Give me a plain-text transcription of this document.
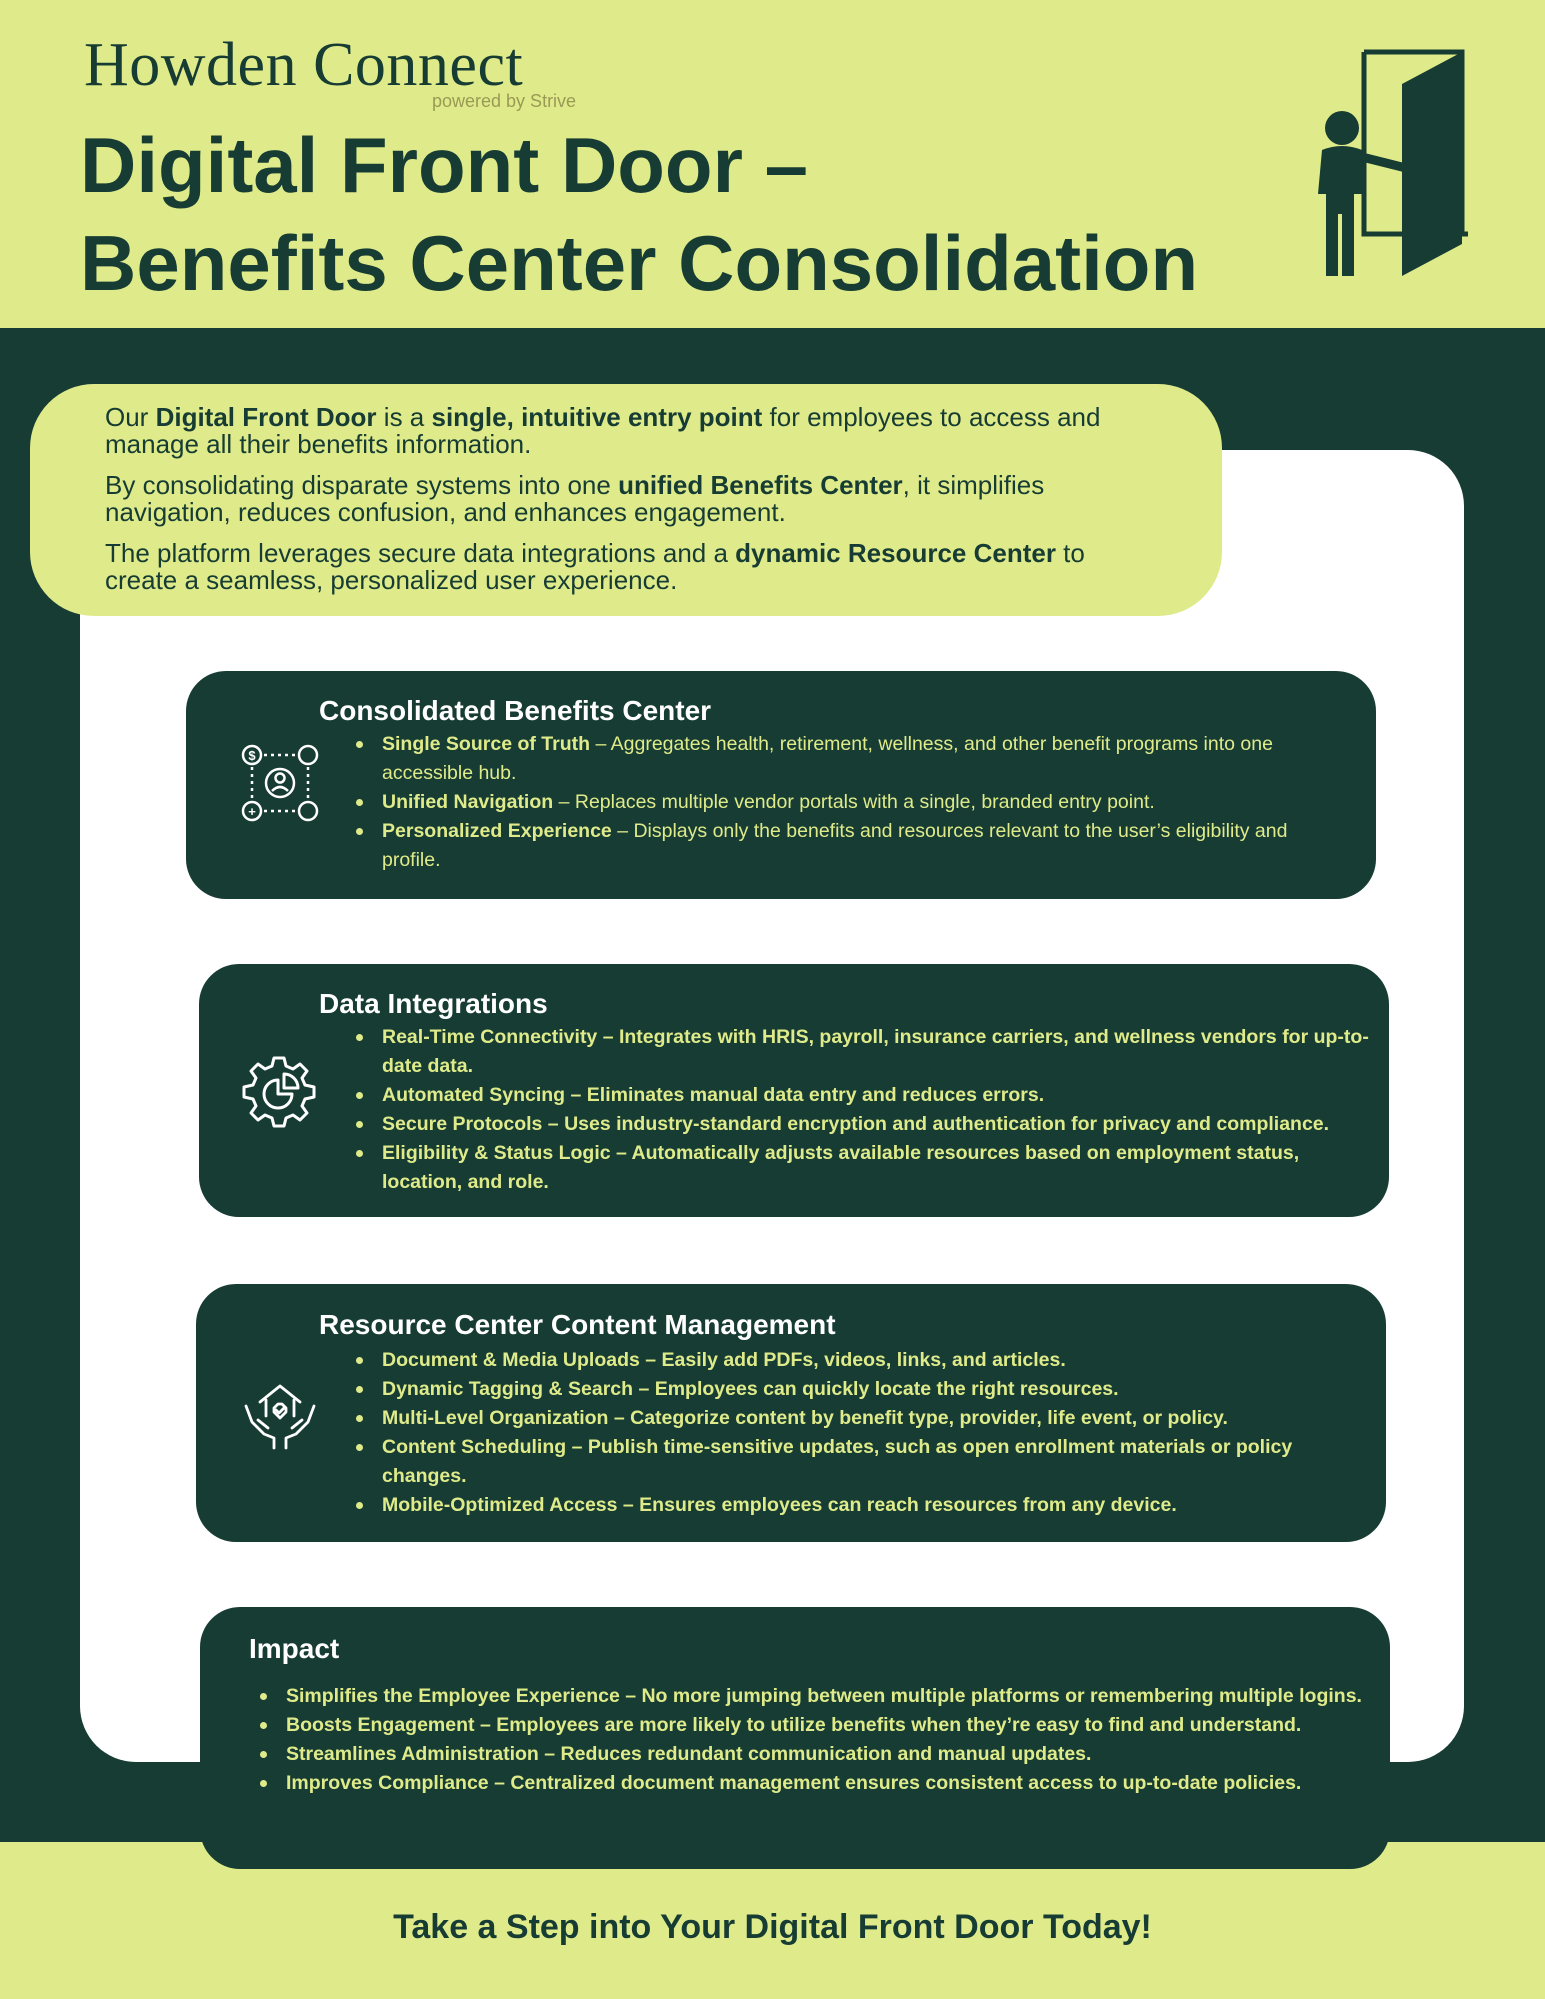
Howden Connect
powered by Strive
Digital Front Door –
Benefits Center Consolidation

Our Digital Front Door is a single, intuitive entry point for employees to access and manage all their benefits information.

By consolidating disparate systems into one unified Benefits Center, it simplifies navigation, reduces confusion, and enhances engagement.

The platform leverages secure data integrations and a dynamic Resource Center to create a seamless, personalized user experience.

Consolidated Benefits Center
$
+
Single Source of Truth – Aggregates health, retirement, wellness, and other benefit programs into one accessible hub.
Unified Navigation – Replaces multiple vendor portals with a single, branded entry point.
Personalized Experience – Displays only the benefits and resources relevant to the user’s eligibility and profile.
Data Integrations
Real-Time Connectivity – Integrates with HRIS, payroll, insurance carriers, and wellness vendors for up-to-date data.
Automated Syncing – Eliminates manual data entry and reduces errors.
Secure Protocols – Uses industry-standard encryption and authentication for privacy and compliance.
Eligibility & Status Logic – Automatically adjusts available resources based on employment status, location, and role.
Resource Center Content Management
Document & Media Uploads – Easily add PDFs, videos, links, and articles.
Dynamic Tagging & Search – Employees can quickly locate the right resources.
Multi-Level Organization – Categorize content by benefit type, provider, life event, or policy.
Content Scheduling – Publish time-sensitive updates, such as open enrollment materials or policy changes.
Mobile-Optimized Access – Ensures employees can reach resources from any device.
Impact
Simplifies the Employee Experience – No more jumping between multiple platforms or remembering multiple logins.
Boosts Engagement – Employees are more likely to utilize benefits when they’re easy to find and understand.
Streamlines Administration – Reduces redundant communication and manual updates.
Improves Compliance – Centralized document management ensures consistent access to up-to-date policies.
Take a Step into Your Digital Front Door Today!
